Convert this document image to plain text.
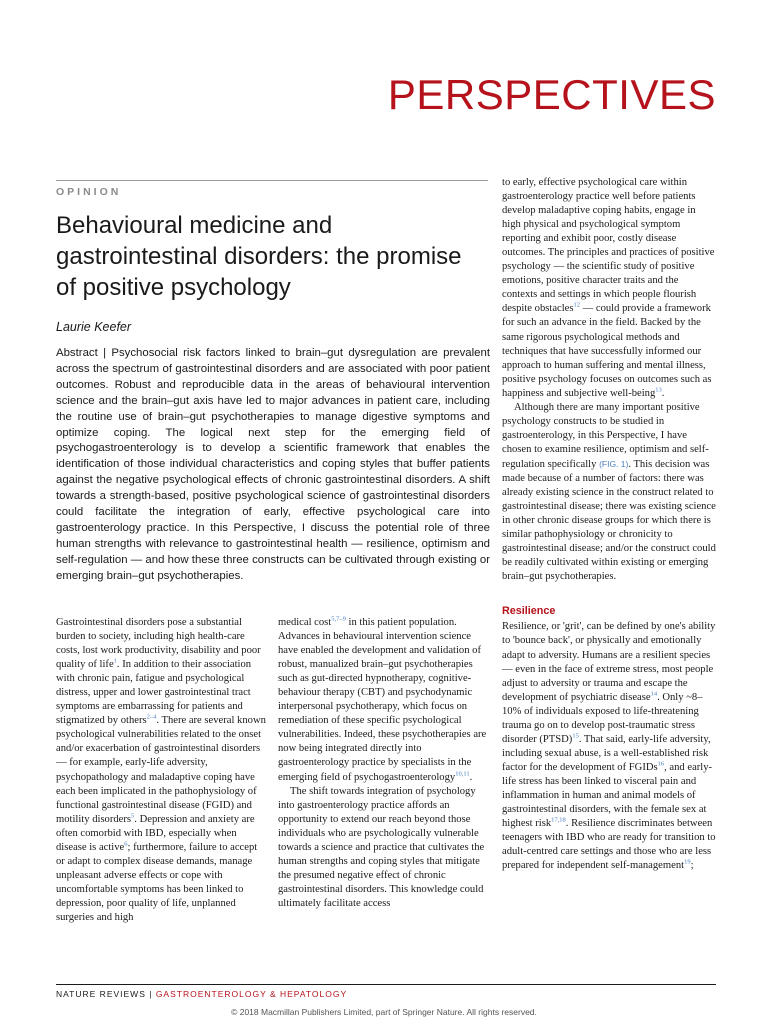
PERSPECTIVES
OPINION
Behavioural medicine and gastrointestinal disorders: the promise of positive psychology
Laurie Keefer

Abstract | Psychosocial risk factors linked to brain–gut dysregulation are prevalent across the spectrum of gastrointestinal disorders and are associated with poor patient outcomes. Robust and reproducible data in the areas of behavioural intervention science and the brain–gut axis have led to major advances in patient care, including the routine use of brain–gut psychotherapies to manage digestive symptoms and optimize coping. The logical next step for the emerging field of psychogastroenterology is to develop a scientific framework that enables the identification of those individual characteristics and coping styles that buffer patients against the negative psychological effects of chronic gastrointestinal disorders. A shift towards a strength-based, positive psychological science of gastrointestinal disorders could facilitate the integration of early, effective psychological care into gastroenterology practice. In this Perspective, I discuss the potential role of three human strengths with relevance to gastrointestinal health — resilience, optimism and self-regulation — and how these three constructs can be cultivated through existing or emerging brain–gut psychotherapies.

Gastrointestinal disorders pose a substantial burden to society, including high health-care costs, lost work productivity, disability and poor quality of life$^1$. In addition to their association with chronic pain, fatigue and psychological distress, upper and lower gastrointestinal tract symptoms are embarrassing for patients and stigmatized by others$^{2-4}$. There are several known psychological vulnerabilities related to the onset and/or exacerbation of gastrointestinal disorders — for example, early-life adversity, psychopathology and maladaptive coping have each been implicated in the pathophysiology of functional gastrointestinal disease (FGID) and motility disorders$^5$. Depression and anxiety are often comorbid with IBD, especially when disease is active$^6$; furthermore, failure to accept or adapt to complex disease demands, manage unpleasant adverse effects or cope with uncomfortable symptoms has been linked to depression, poor quality of life, unplanned surgeries and high

medical cost$^{5,7-9}$ in this patient population. Advances in behavioural intervention science have enabled the development and validation of robust, manualized brain–gut psychotherapies such as gut-directed hypnotherapy, cognitive-behaviour therapy (CBT) and psychodynamic interpersonal psychotherapy, which focus on remediation of these specific psychological vulnerabilities. Indeed, these psychotherapies are now being integrated directly into gastroenterology practice by specialists in the emerging field of psychogastroenterology$^{10,11}$.

The shift towards integration of psychology into gastroenterology practice affords an opportunity to extend our reach beyond those individuals who are psychologically vulnerable towards a science and practice that cultivates the human strengths and coping styles that mitigate the presumed negative effect of chronic gastrointestinal disorders. This knowledge could ultimately facilitate access

to early, effective psychological care within gastroenterology practice well before patients develop maladaptive coping habits, engage in high physical and psychological symptom reporting and exhibit poor, costly disease outcomes. The principles and practices of positive psychology — the scientific study of positive emotions, positive character traits and the contexts and settings in which people flourish despite obstacles$^{12}$ — could provide a framework for such an advance in the field. Backed by the same rigorous psychological methods and techniques that have successfully informed our approach to human suffering and mental illness, positive psychology focuses on outcomes such as happiness and subjective well-being$^{13}$.

Although there are many important positive psychology constructs to be studied in gastroenterology, in this Perspective, I have chosen to examine resilience, optimism and self-regulation specifically (FIG. 1). This decision was made because of a number of factors: there was already existing science in the construct related to gastrointestinal disease; there was existing science in other chronic disease groups for which there is similar pathophysiology or chronicity to gastrointestinal disease; and/or the construct could be readily cultivated within existing or emerging brain–gut psychotherapies.

Resilience

Resilience, or 'grit', can be defined by one's ability to 'bounce back', or physically and emotionally adapt to adversity. Humans are a resilient species — even in the face of extreme stress, most people adjust to adversity or trauma and escape the development of psychiatric disease$^{14}$. Only ~8–10% of individuals exposed to life-threatening trauma go on to develop post-traumatic stress disorder (PTSD)$^{15}$. That said, early-life adversity, including sexual abuse, is a well-established risk factor for the development of FGIDs$^{16}$, and early-life stress has been linked to visceral pain and inflammation in human and animal models of gastrointestinal disorders, with the female sex at highest risk$^{17,18}$. Resilience discriminates between teenagers with IBD who are ready for transition to adult-centred care settings and those who are less prepared for independent self-management$^{19}$;

NATURE REVIEWS | GASTROENTEROLOGY & HEPATOLOGY
© 2018 Macmillan Publishers Limited, part of Springer Nature. All rights reserved.
